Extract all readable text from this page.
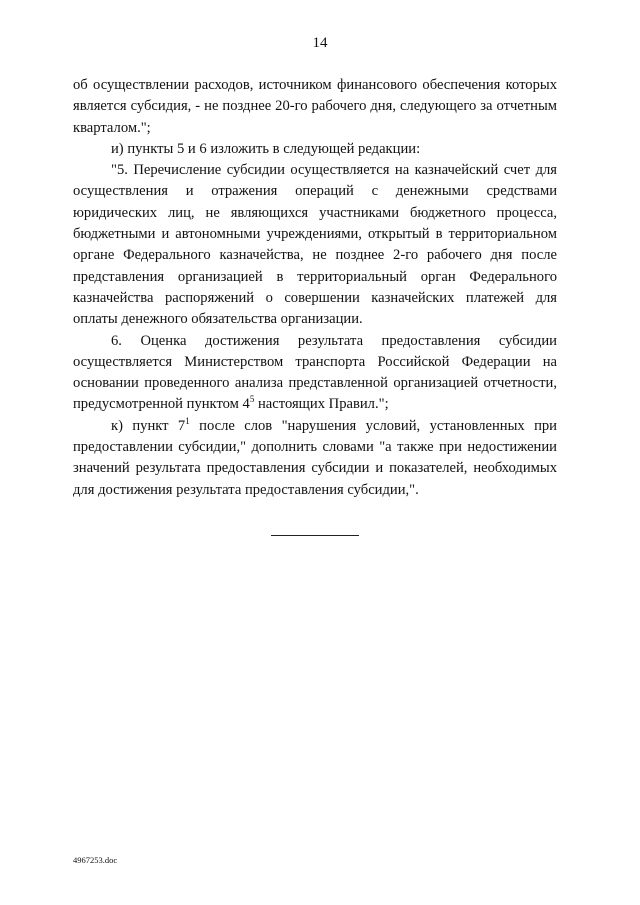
14

об осуществлении расходов, источником финансового обеспечения которых является субсидия, - не позднее 20-го рабочего дня, следующего за отчетным кварталом.";

и) пункты 5 и 6 изложить в следующей редакции:

"5. Перечисление субсидии осуществляется на казначейский счет для осуществления и отражения операций с денежными средствами юридических лиц, не являющихся участниками бюджетного процесса, бюджетными и автономными учреждениями, открытый в территориальном органе Федерального казначейства, не позднее 2-го рабочего дня после представления организацией в территориальный орган Федерального казначейства распоряжений о совершении казначейских платежей для оплаты денежного обязательства организации.

6. Оценка достижения результата предоставления субсидии осуществляется Министерством транспорта Российской Федерации на основании проведенного анализа представленной организацией отчетности, предусмотренной пунктом $4^5$ настоящих Правил.";

к) пункт $7^1$ после слов "нарушения условий, установленных при предоставлении субсидии," дополнить словами "а также при недостижении значений результата предоставления субсидии и показателей, необходимых для достижения результата предоставления субсидии,".

4967253.doc
